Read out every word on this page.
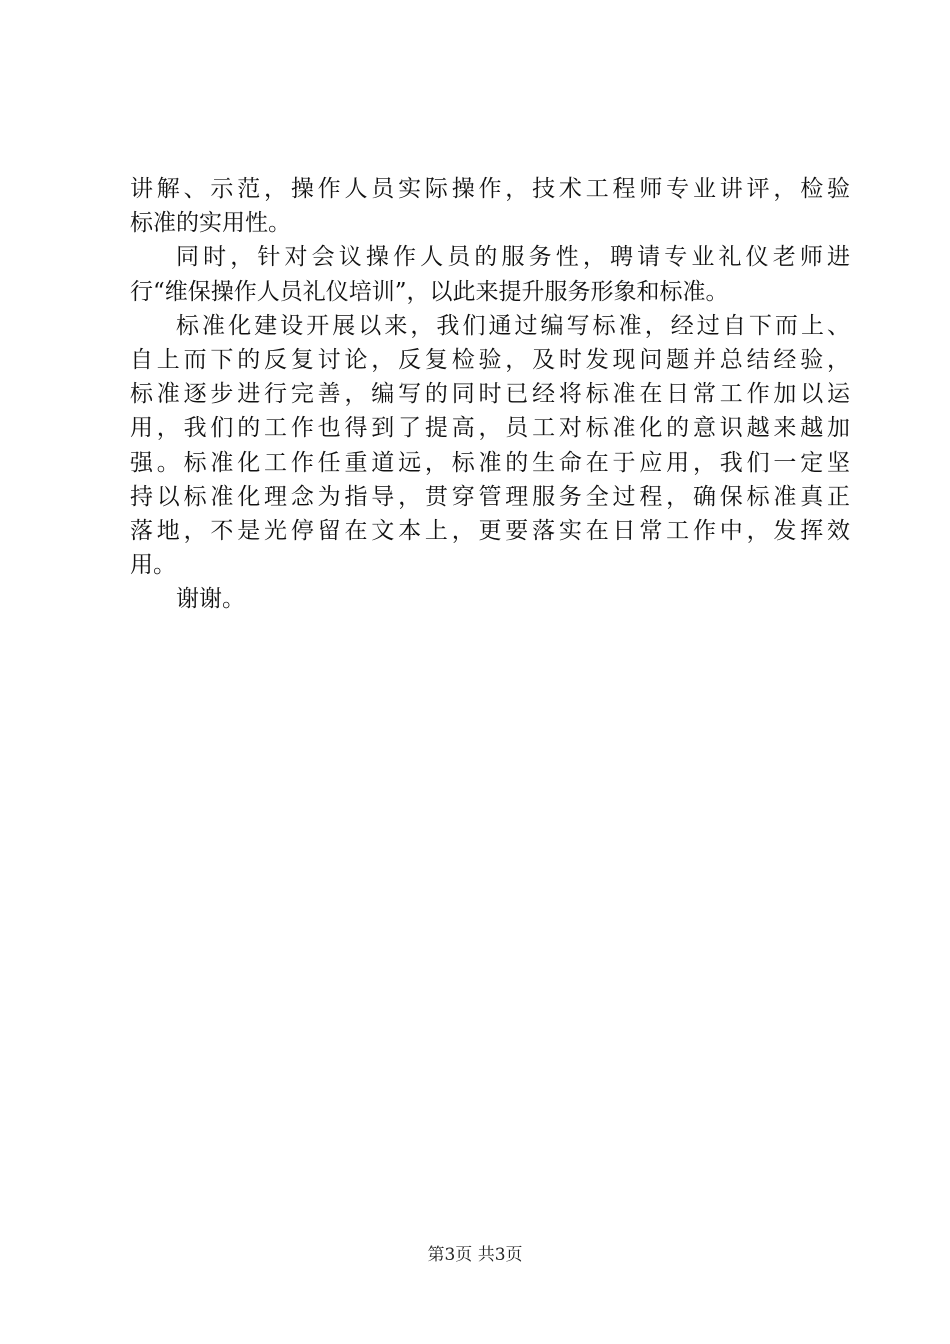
讲解、示范，操作人员实际操作，技术工程师专业讲评，检验
标准的实用性。
同时，针对会议操作人员的服务性，聘请专业礼仪老师进
行“维保操作人员礼仪培训”，以此来提升服务形象和标准。
标准化建设开展以来，我们通过编写标准，经过自下而上、
自上而下的反复讨论，反复检验，及时发现问题并总结经验，
标准逐步进行完善，编写的同时已经将标准在日常工作加以运
用，我们的工作也得到了提高，员工对标准化的意识越来越加
强。标准化工作任重道远，标准的生命在于应用，我们一定坚
持以标准化理念为指导，贯穿管理服务全过程，确保标准真正
落地，不是光停留在文本上，更要落实在日常工作中，发挥效
用。
谢谢。
第3页 共3页
